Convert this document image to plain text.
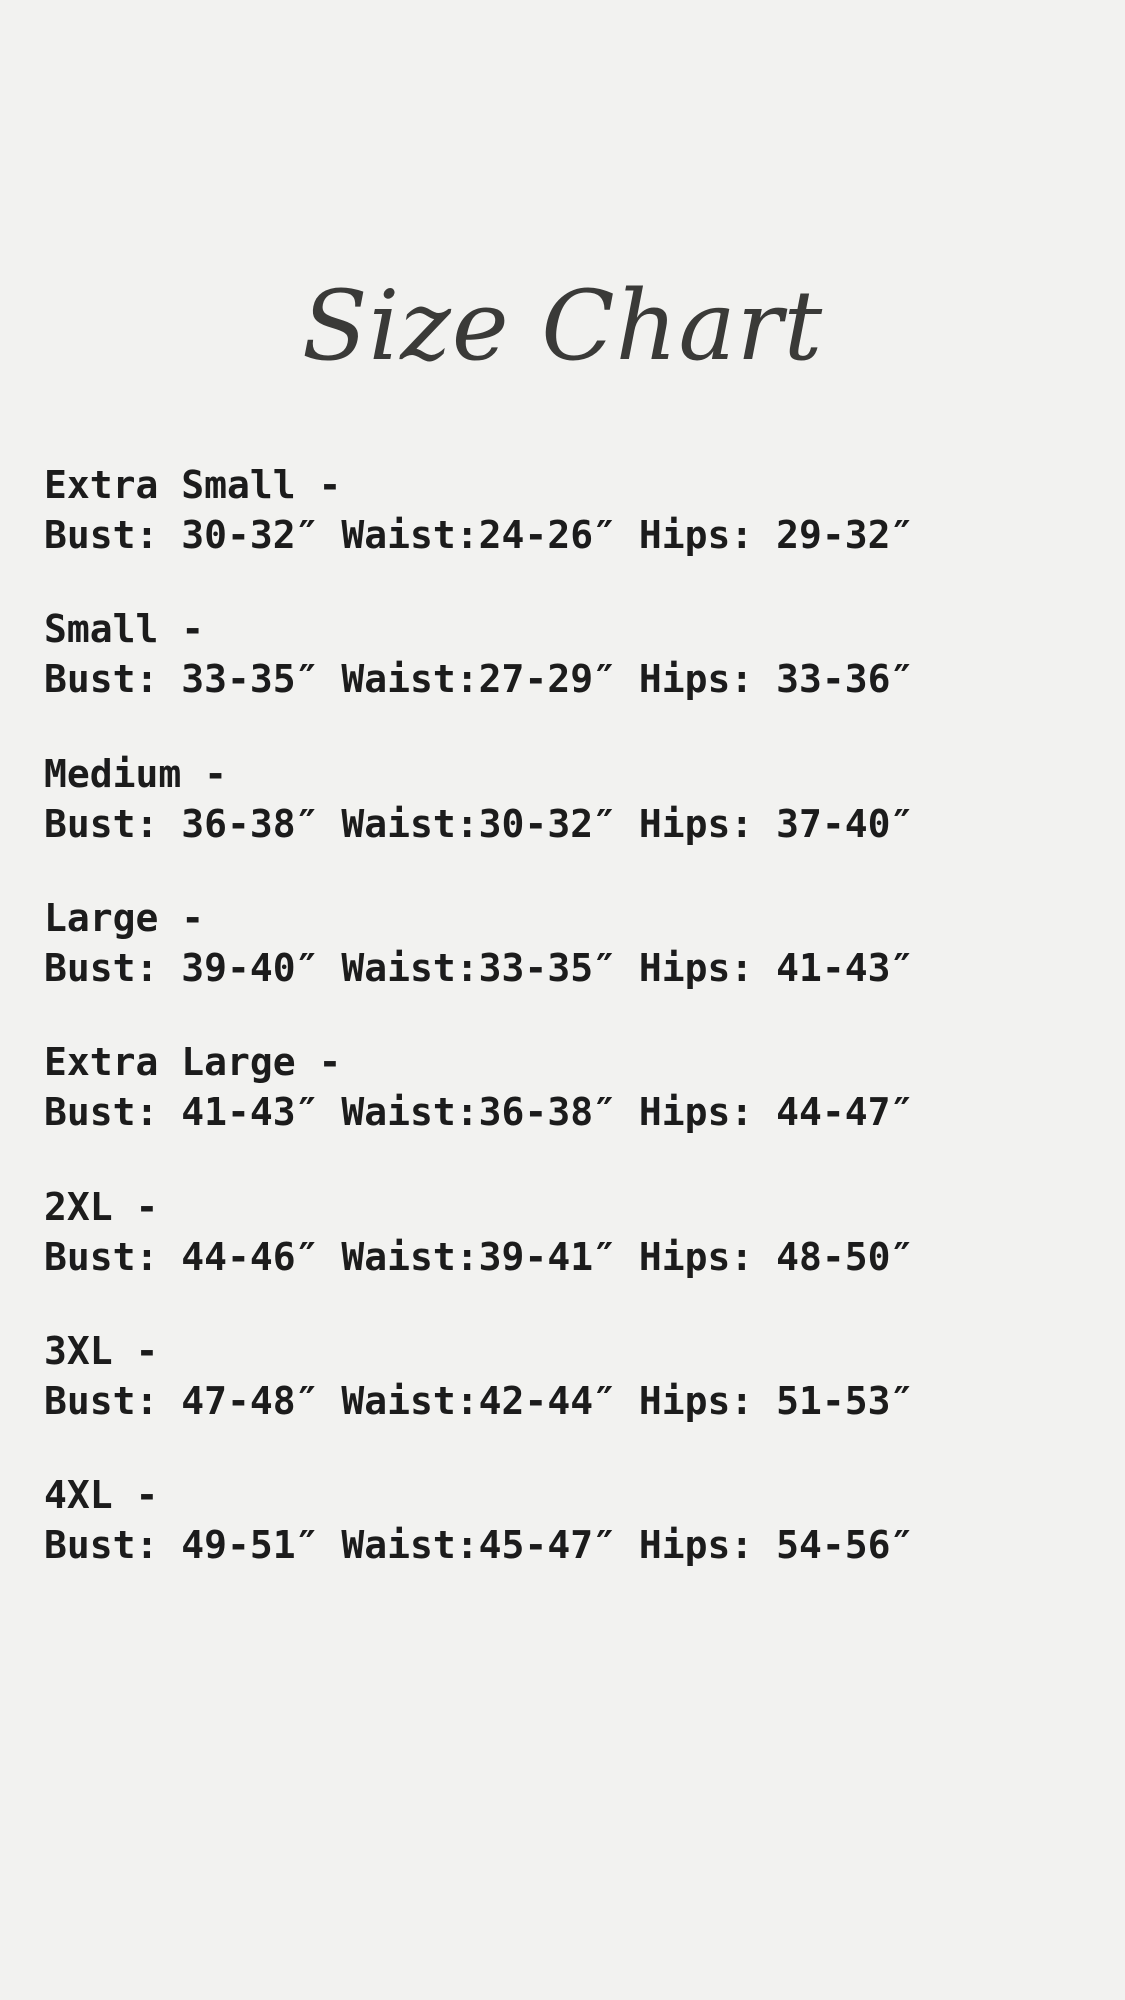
Size Chart
Extra Small -
Bust: 30-32″ Waist:24-26″ Hips: 29-32″
Small -
Bust: 33-35″ Waist:27-29″ Hips: 33-36″
Medium -
Bust: 36-38″ Waist:30-32″ Hips: 37-40″
Large -
Bust: 39-40″ Waist:33-35″ Hips: 41-43″
Extra Large -
Bust: 41-43″ Waist:36-38″ Hips: 44-47″
2XL -
Bust: 44-46″ Waist:39-41″ Hips: 48-50″
3XL -
Bust: 47-48″ Waist:42-44″ Hips: 51-53″
4XL -
Bust: 49-51″ Waist:45-47″ Hips: 54-56″
